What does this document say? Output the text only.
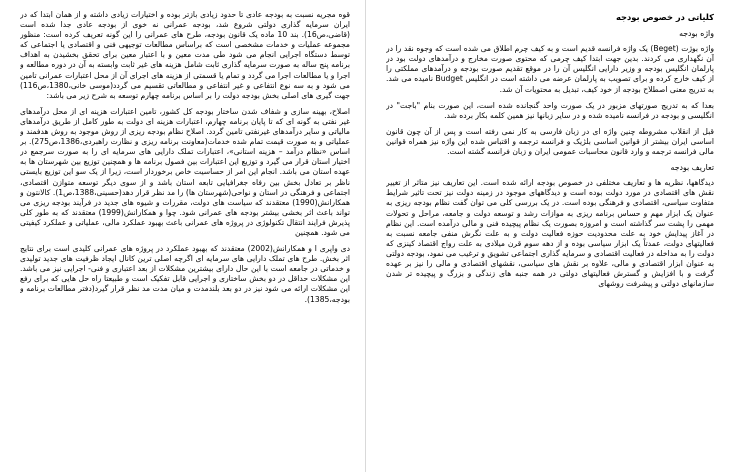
قوه مجریه نسبت به بودجه عادی تا حدود زیادی بازتر بوده و اختیارات زیادی داشته و از همان ابتدا که در ایران سرمایه گذاری دولتی شروع شد، بودجه عمرانی نه خوی از بودجه عادی جدا شده است (قاضی،ص16). بند 10 ماده یک قانون بودجه، طرح های عمرانی را این گونه تعریف کرده است: منظور مجموعه عملیات و خدمات مشخصی است که براساس مطالعات توجیهی فنی و اقتصادی یا اجتماعی که توسط دستگاه اجرایی انجام می شود طی مدت معین و با اعتبار معین برای تحقق بخشیدن به اهداف برنامه پنج ساله به صورت سرمایه گذاری ثابت شامل هزینه های غیر ثابت وابسته به آن در دوره مطالعه و اجرا و یا مطالعات اجرا می گردد و تمام یا قسمتی از هزینه های اجرای آن از محل اعتبارات عمرانی تامین می شود و به سه نوع انتفاعی و غیر انتفاعی و مطالعاتی تقسیم می گردد(موسی خانی،1380،ص116) جهت گیری های اصلی بخش بودجه دولت را بر اساس برنامه چهارم توسعه به شرح زیر می باشد:

اصلاح، بهینه سازی و شفاف شدن ساختار بودجه کل کشور، تامین اعتبارات هزینه ای از محل درآمدهای غیر نفتی به گونه ای که تا پایان برنامه چهارم، اعتبارات هزینه ای دولت به طور کامل از طریق درآمدهای مالیاتی و سایر درآمدهای غیرنفتی تامین گردد. اصلاح نظام بودجه ریزی از روش موجود به روش هدفمند و عملیاتی و به صورت قیمت تمام شده خدمات(معاونت برنامه ریزی و نظارت راهبردی،1386،ص275). بر اساس «نظام درآمد – هزینه استانی»، اعتبارات تملک دارایی های سرمایه ای را به صورت سرجمع در اختیار استان قرار می گیرد و توزیع این اعتبارات بین فصول برنامه ها و همچنین توزیع بین شهرستان ها به عهده استان می باشد. انجام این امر از حساسیت خاص برخوردار است، زیرا از یک سو این توزیع بایستی ناظر بر تعادل بخش بین رفاه جغرافیایی تابعه استان باشد و از سوی دیگر توسعه متوازن اقتصادی، اجتماعی و فرهنگی در استان و نواحی(شهرستان ها) را مد نظر قرار دهد(حسینی،1388،ص1). کالانتون و همکارانش(1990) معتقدند که سیاست های دولت، مقررات و شیوه های جدید در فرآیند بودجه ریزی می تواند باعث اثر بخشی بیشتر بودجه های عمرانی شود. چوا و همکارانش(1999) معتقدند که به طور کلی پذیرش فرایند انتقال تکنولوژی در پروژه های عمرانی باعث بهبود عملکرد مالی، عملیاتی و عملکرد کیفیتی می شود. همچنین

دی واپری ا و همکارانش(2002) معتقدند که بهبود عملکرد در پروژه های عمرانی کلیدی است برای نتایج اثر بخش. طرح های تملک دارایی های سرمایه ای اگرچه اصلی ترین کانال ایجاد ظرفیت های جدید تولیدی و خدماتی در جامعه است با این حال دارای بیشترین مشکلات از بعد اعتباری و فنی- اجرایی نیز می باشد. این مشکلات حداقل در دو بخش ساختاری و اجرایی قابل تفکیک است و طبیعتا راه حل هایی که برای رفع این مشکلات ارائه می شود نیز در دو بعد بلندمدت و میان مدت مد نظر قرار گیرد(دفتر مطالعات برنامه و بودجه،1385).

کلیاتی در خصوص بودجه
واژه بودجه

واژه بوژت (Beget) یک واژه فرانسه قدیم است و به کیف چرم اطلاق می شده است که وجوه نقد را در آن نگهداری می کردند. بدین جهت ابتدا کیف چرمی که محتوی صورت مخارج و درآمدهای دولت بود در پارلمان انگلیس بودجه و وزیر دارایی انگلیس آن را در موقع تقدیم صورت بودجه و درآمدهای مملکتی را از کیف خارج کرده و برای تصویب به پارلمان عرضه می داشته است در انگلیس Budget نامیده می شد. به تدریج معنی اصطلاح بودجه از خود کیف، تبدیل به محتویات آن شد.

بعدا که به تدریج صورتهای مزبور در یک صورت واحد گنجانده شده است، این صورت بنام "باجت" در انگلیسی و بودجه در فرانسه نامیده شده و در سایر زبانها نیز همین کلمه بکار برده شد.

قبل از انقلاب مشروطه چنین واژه ای در زبان فارسی به کار نمی رفته است و پس از آن چون قانون اساسی ایران بیشتر از قوانین اساسی بلژیک و فرانسه ترجمه و اقتباس شده این واژه نیز همراه قوانین مالی فرانسه ترجمه و وارد قانون محاسبات عمومی ایران و زبان فرانسه گشته است.

تعاریف بودجه

دیدگاهها، نظریه ها و تعاریف مختلفی در خصوص بودجه ارائه شده است. این تعاریف نیز متاثر از تغییر نقش های اقتصادی در مورد دولت بوده است و دیدگاههای موجود در زمینه دولت نیز تحت تاثیر شرایط متفاوت سیاسی، اقتصادی و فرهنگی بوده است. در یک بررسی کلی می توان گفت نظام بودجه ریزی به عنوان یک ابزار مهم و حساس برنامه ریزی به موازات رشد و توسعه دولت و جامعه، مراحل و تحولات مهمی را پشت سر گذاشته است و امروزه بصورت یک نظام پیچیده فنی و مالی درآمده است. این نظام در آغاز پیدایش خود به علت محدودیت حوزه فعالیت دولت و به علت نگرش منفی جامعه نسبت به فعالیتهای دولت، عمدتاً یک ابزار سیاسی بوده و از دهه سوم قرن میلادی به علت رواج اقتصاد کینزی که دولت را به مداخله در فعالیت اقتصادی و سرمایه گذاری اجتماعی تشویق و ترغیب می نمود، بودجه دولتی به عنوان ابزار اقتصادی و مالی، علاوه بر نقش های سیاسی، نقشهای اقتصادی و مالی را نیز بر عهده گرفت و با افزایش و گسترش فعالیتهای دولتی در همه جنبه های زندگی و بزرگ و پیچیده تر شدن سازمانهای دولتی و پیشرفت روشهای
